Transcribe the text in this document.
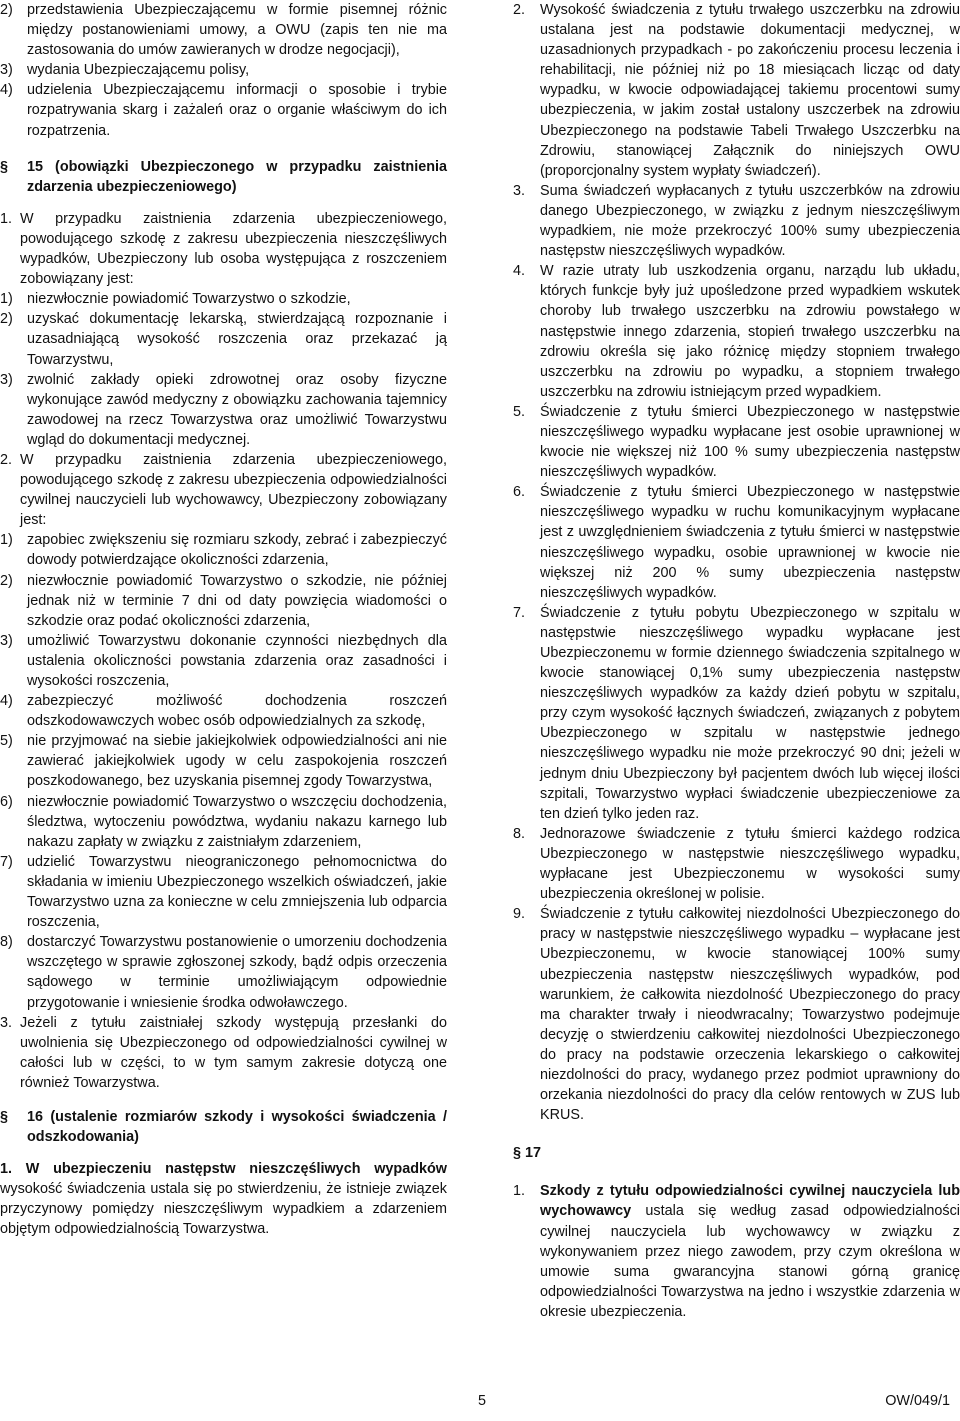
2) przedstawienia Ubezpieczającemu w formie pisemnej różnic między postanowieniami umowy, a OWU (zapis ten nie ma zastosowania do umów zawieranych w drodze negocjacji),
3) wydania Ubezpieczającemu polisy,
4) udzielenia Ubezpieczającemu informacji o sposobie i trybie rozpatrywania skarg i zażaleń oraz o organie właściwym do ich rozpatrzenia.
§ 15 (obowiązki Ubezpieczonego w przypadku zaistnienia zdarzenia ubezpieczeniowego)
1. W przypadku zaistnienia zdarzenia ubezpieczeniowego, powodującego szkodę z zakresu ubezpieczenia nieszczęśliwych wypadków, Ubezpieczony lub osoba występująca z roszczeniem zobowiązany jest:
1) niezwłocznie powiadomić Towarzystwo o szkodzie,
2) uzyskać dokumentację lekarską, stwierdzającą rozpoznanie i uzasadniającą wysokość roszczenia oraz przekazać ją Towarzystwu,
3) zwolnić zakłady opieki zdrowotnej oraz osoby fizyczne wykonujące zawód medyczny z obowiązku zachowania tajemnicy zawodowej na rzecz Towarzystwa oraz umożliwić Towarzystwu wgląd do dokumentacji medycznej.
2. W przypadku zaistnienia zdarzenia ubezpieczeniowego, powodującego szkodę z zakresu ubezpieczenia odpowiedzialności cywilnej nauczycieli lub wychowawcy, Ubezpieczony zobowiązany jest:
1) zapobiec zwiększeniu się rozmiaru szkody, zebrać i zabezpieczyć dowody potwierdzające okoliczności zdarzenia,
2) niezwłocznie powiadomić Towarzystwo o szkodzie, nie później jednak niż w terminie 7 dni od daty powzięcia wiadomości o szkodzie oraz podać okoliczności zdarzenia,
3) umożliwić Towarzystwu dokonanie czynności niezbędnych dla ustalenia okoliczności powstania zdarzenia oraz zasadności i wysokości roszczenia,
4) zabezpieczyć możliwość dochodzenia roszczeń odszkodowawczych wobec osób odpowiedzialnych za szkodę,
5) nie przyjmować na siebie jakiejkolwiek odpowiedzialności ani nie zawierać jakiejkolwiek ugody w celu zaspokojenia roszczeń poszkodowanego, bez uzyskania pisemnej zgody Towarzystwa,
6) niezwłocznie powiadomić Towarzystwo o wszczęciu dochodzenia, śledztwa, wytoczeniu powództwa, wydaniu nakazu karnego lub nakazu zapłaty w związku z zaistniałym zdarzeniem,
7) udzielić Towarzystwu nieograniczonego pełnomocnictwa do składania w imieniu Ubezpieczonego wszelkich oświadczeń, jakie Towarzystwo uzna za konieczne w celu zmniejszenia lub odparcia roszczenia,
8) dostarczyć Towarzystwu postanowienie o umorzeniu dochodzenia wszczętego w sprawie zgłoszonej szkody, bądź odpis orzeczenia sądowego w terminie umożliwiającym odpowiednie przygotowanie i wniesienie środka odwoławczego.
3. Jeżeli z tytułu zaistniałej szkody występują przesłanki do uwolnienia się Ubezpieczonego od odpowiedzialności cywilnej w całości lub w części, to w tym samym zakresie dotyczą one również Towarzystwa.
§ 16 (ustalenie rozmiarów szkody i wysokości świadczenia / odszkodowania)
1. W ubezpieczeniu następstw nieszczęśliwych wypadków wysokość świadczenia ustala się po stwierdzeniu, że istnieje związek przyczynowy pomiędzy nieszczęśliwym wypadkiem a zdarzeniem objętym odpowiedzialnością Towarzystwa.
2. Wysokość świadczenia z tytułu trwałego uszczerbku na zdrowiu ustalana jest na podstawie dokumentacji medycznej, w uzasadnionych przypadkach - po zakończeniu procesu leczenia i rehabilitacji, nie później niż po 18 miesiącach licząc od daty wypadku, w kwocie odpowiadającej takiemu procentowi sumy ubezpieczenia, w jakim został ustalony uszczerbek na zdrowiu Ubezpieczonego na podstawie Tabeli Trwałego Uszczerbku na Zdrowiu, stanowiącej Załącznik do niniejszych OWU (proporcjonalny system wypłaty świadczeń).
3. Suma świadczeń wypłacanych z tytułu uszczerbków na zdrowiu danego Ubezpieczonego, w związku z jednym nieszczęśliwym wypadkiem, nie może przekroczyć 100% sumy ubezpieczenia następstw nieszczęśliwych wypadków.
4. W razie utraty lub uszkodzenia organu, narządu lub układu, których funkcje były już upośledzone przed wypadkiem wskutek choroby lub trwałego uszczerbku na zdrowiu powstałego w następstwie innego zdarzenia, stopień trwałego uszczerbku na zdrowiu określa się jako różnicę między stopniem trwałego uszczerbku na zdrowiu po wypadku, a stopniem trwałego uszczerbku na zdrowiu istniejącym przed wypadkiem.
5. Świadczenie z tytułu śmierci Ubezpieczonego w następstwie nieszczęśliwego wypadku wypłacane jest osobie uprawnionej w kwocie nie większej niż 100 % sumy ubezpieczenia następstw nieszczęśliwych wypadków.
6. Świadczenie z tytułu śmierci Ubezpieczonego w następstwie nieszczęśliwego wypadku w ruchu komunikacyjnym wypłacane jest z uwzględnieniem świadczenia z tytułu śmierci w następstwie nieszczęśliwego wypadku, osobie uprawnionej w kwocie nie większej niż 200 % sumy ubezpieczenia następstw nieszczęśliwych wypadków.
7. Świadczenie z tytułu pobytu Ubezpieczonego w szpitalu w następstwie nieszczęśliwego wypadku wypłacane jest Ubezpieczonemu w formie dziennego świadczenia szpitalnego w kwocie stanowiącej 0,1% sumy ubezpieczenia następstw nieszczęśliwych wypadków za każdy dzień pobytu w szpitalu, przy czym wysokość łącznych świadczeń, związanych z pobytem Ubezpieczonego w szpitalu w następstwie jednego nieszczęśliwego wypadku nie może przekroczyć 90 dni; jeżeli w jednym dniu Ubezpieczony był pacjentem dwóch lub więcej ilości szpitali, Towarzystwo wypłaci świadczenie ubezpieczeniowe za ten dzień tylko jeden raz.
8. Jednorazowe świadczenie z tytułu śmierci każdego rodzica Ubezpieczonego w następstwie nieszczęśliwego wypadku, wypłacane jest Ubezpieczonemu w wysokości sumy ubezpieczenia określonej w polisie.
9. Świadczenie z tytułu całkowitej niezdolności Ubezpieczonego do pracy w następstwie nieszczęśliwego wypadku – wypłacane jest Ubezpieczonemu, w kwocie stanowiącej 100% sumy ubezpieczenia następstw nieszczęśliwych wypadków, pod warunkiem, że całkowita niezdolność Ubezpieczonego do pracy ma charakter trwały i nieodwracalny; Towarzystwo podejmuje decyzję o stwierdzeniu całkowitej niezdolności Ubezpieczonego do pracy na podstawie orzeczenia lekarskiego o całkowitej niezdolności do pracy, wydanego przez podmiot uprawniony do orzekania niezdolności do pracy dla celów rentowych w ZUS lub KRUS.
§ 17
1. Szkody z tytułu odpowiedzialności cywilnej nauczyciela lub wychowawcy ustala się według zasad odpowiedzialności cywilnej nauczyciela lub wychowawcy w związku z wykonywaniem przez niego zawodem, przy czym określona w umowie suma gwarancyjna stanowi górną granicę odpowiedzialności Towarzystwa na jedno i wszystkie zdarzenia w okresie ubezpieczenia.
5	OW/049/1
